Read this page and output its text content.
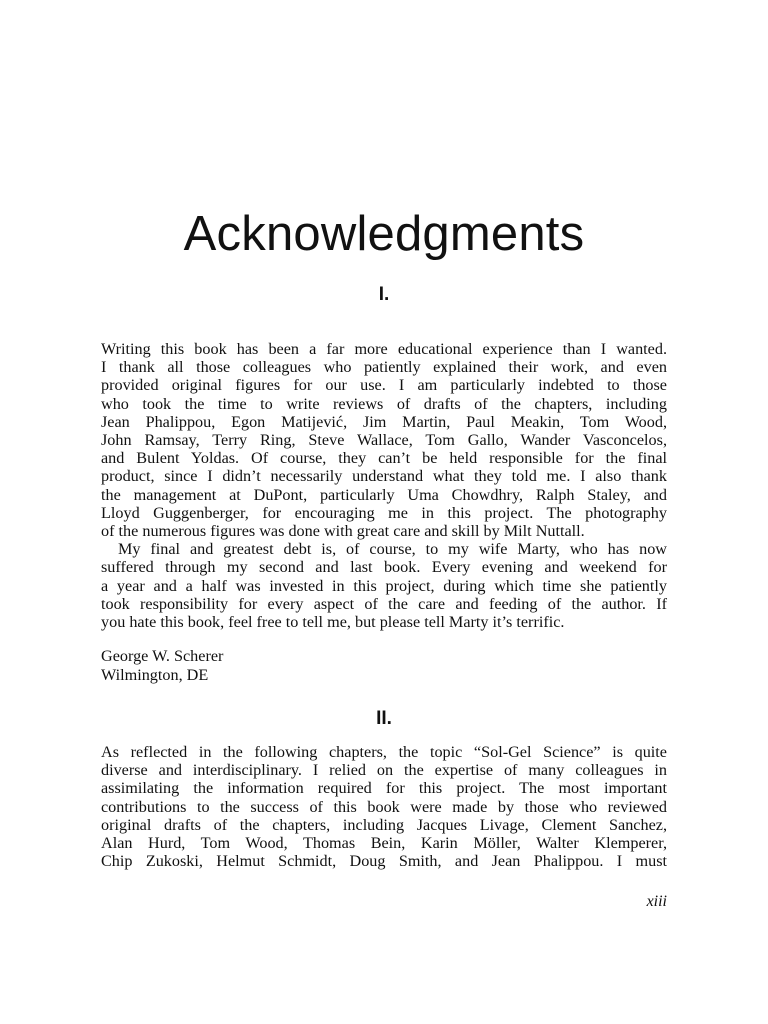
Acknowledgments
I.
Writing this book has been a far more educational experience than I wanted.
I thank all those colleagues who patiently explained their work, and even
provided original figures for our use. I am particularly indebted to those
who took the time to write reviews of drafts of the chapters, including
Jean Phalippou, Egon Matijević, Jim Martin, Paul Meakin, Tom Wood,
John Ramsay, Terry Ring, Steve Wallace, Tom Gallo, Wander Vasconcelos,
and Bulent Yoldas. Of course, they can’t be held responsible for the final
product, since I didn’t necessarily understand what they told me. I also thank
the management at DuPont, particularly Uma Chowdhry, Ralph Staley, and
Lloyd Guggenberger, for encouraging me in this project. The photography
of the numerous figures was done with great care and skill by Milt Nuttall.
My final and greatest debt is, of course, to my wife Marty, who has now
suffered through my second and last book. Every evening and weekend for
a year and a half was invested in this project, during which time she patiently
took responsibility for every aspect of the care and feeding of the author. If
you hate this book, feel free to tell me, but please tell Marty it’s terrific.
George W. Scherer
Wilmington, DE
II.
As reflected in the following chapters, the topic “Sol-Gel Science” is quite
diverse and interdisciplinary. I relied on the expertise of many colleagues in
assimilating the information required for this project. The most important
contributions to the success of this book were made by those who reviewed
original drafts of the chapters, including Jacques Livage, Clement Sanchez,
Alan Hurd, Tom Wood, Thomas Bein, Karin Möller, Walter Klemperer,
Chip Zukoski, Helmut Schmidt, Doug Smith, and Jean Phalippou. I must
xiii
